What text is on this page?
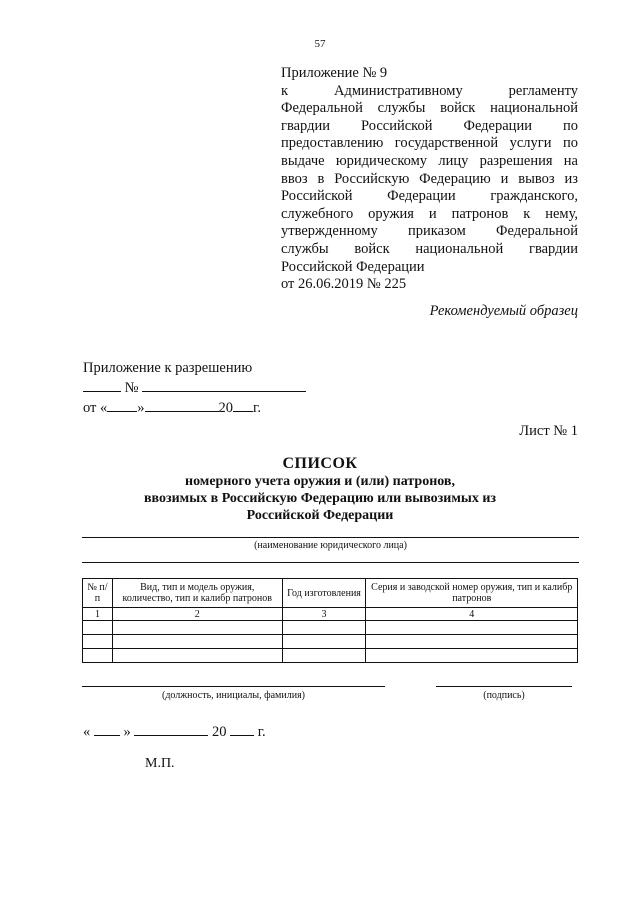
57
Приложение № 9
к Административному регламенту
Федеральной службы войск национальной
гвардии Российской Федерации по
предоставлению государственной услуги по
выдаче юридическому лицу разрешения на
ввоз в Российскую Федерацию и вывоз из
Российской Федерации гражданского,
служебного оружия и патронов к нему,
утвержденному приказом Федеральной
службы войск национальной гвардии
Российской Федерации
от 26.06.2019 № 225
Рекомендуемый образец
Приложение к разрешению
№
от « »	20 г.
Лист № 1
СПИСОК
номерного учета оружия и (или) патронов,
ввозимых в Российскую Федерацию или вывозимых из
Российской Федерации
(наименование юридического лица)
№ п/п	Вид, тип и модель оружия, количество, тип и калибр патронов	Год изготовления	Серия и заводской номер оружия, тип и калибр патронов
1	2	3	4

(должность, инициалы, фамилия)	(подпись)
« »	20 г.
М.П.
